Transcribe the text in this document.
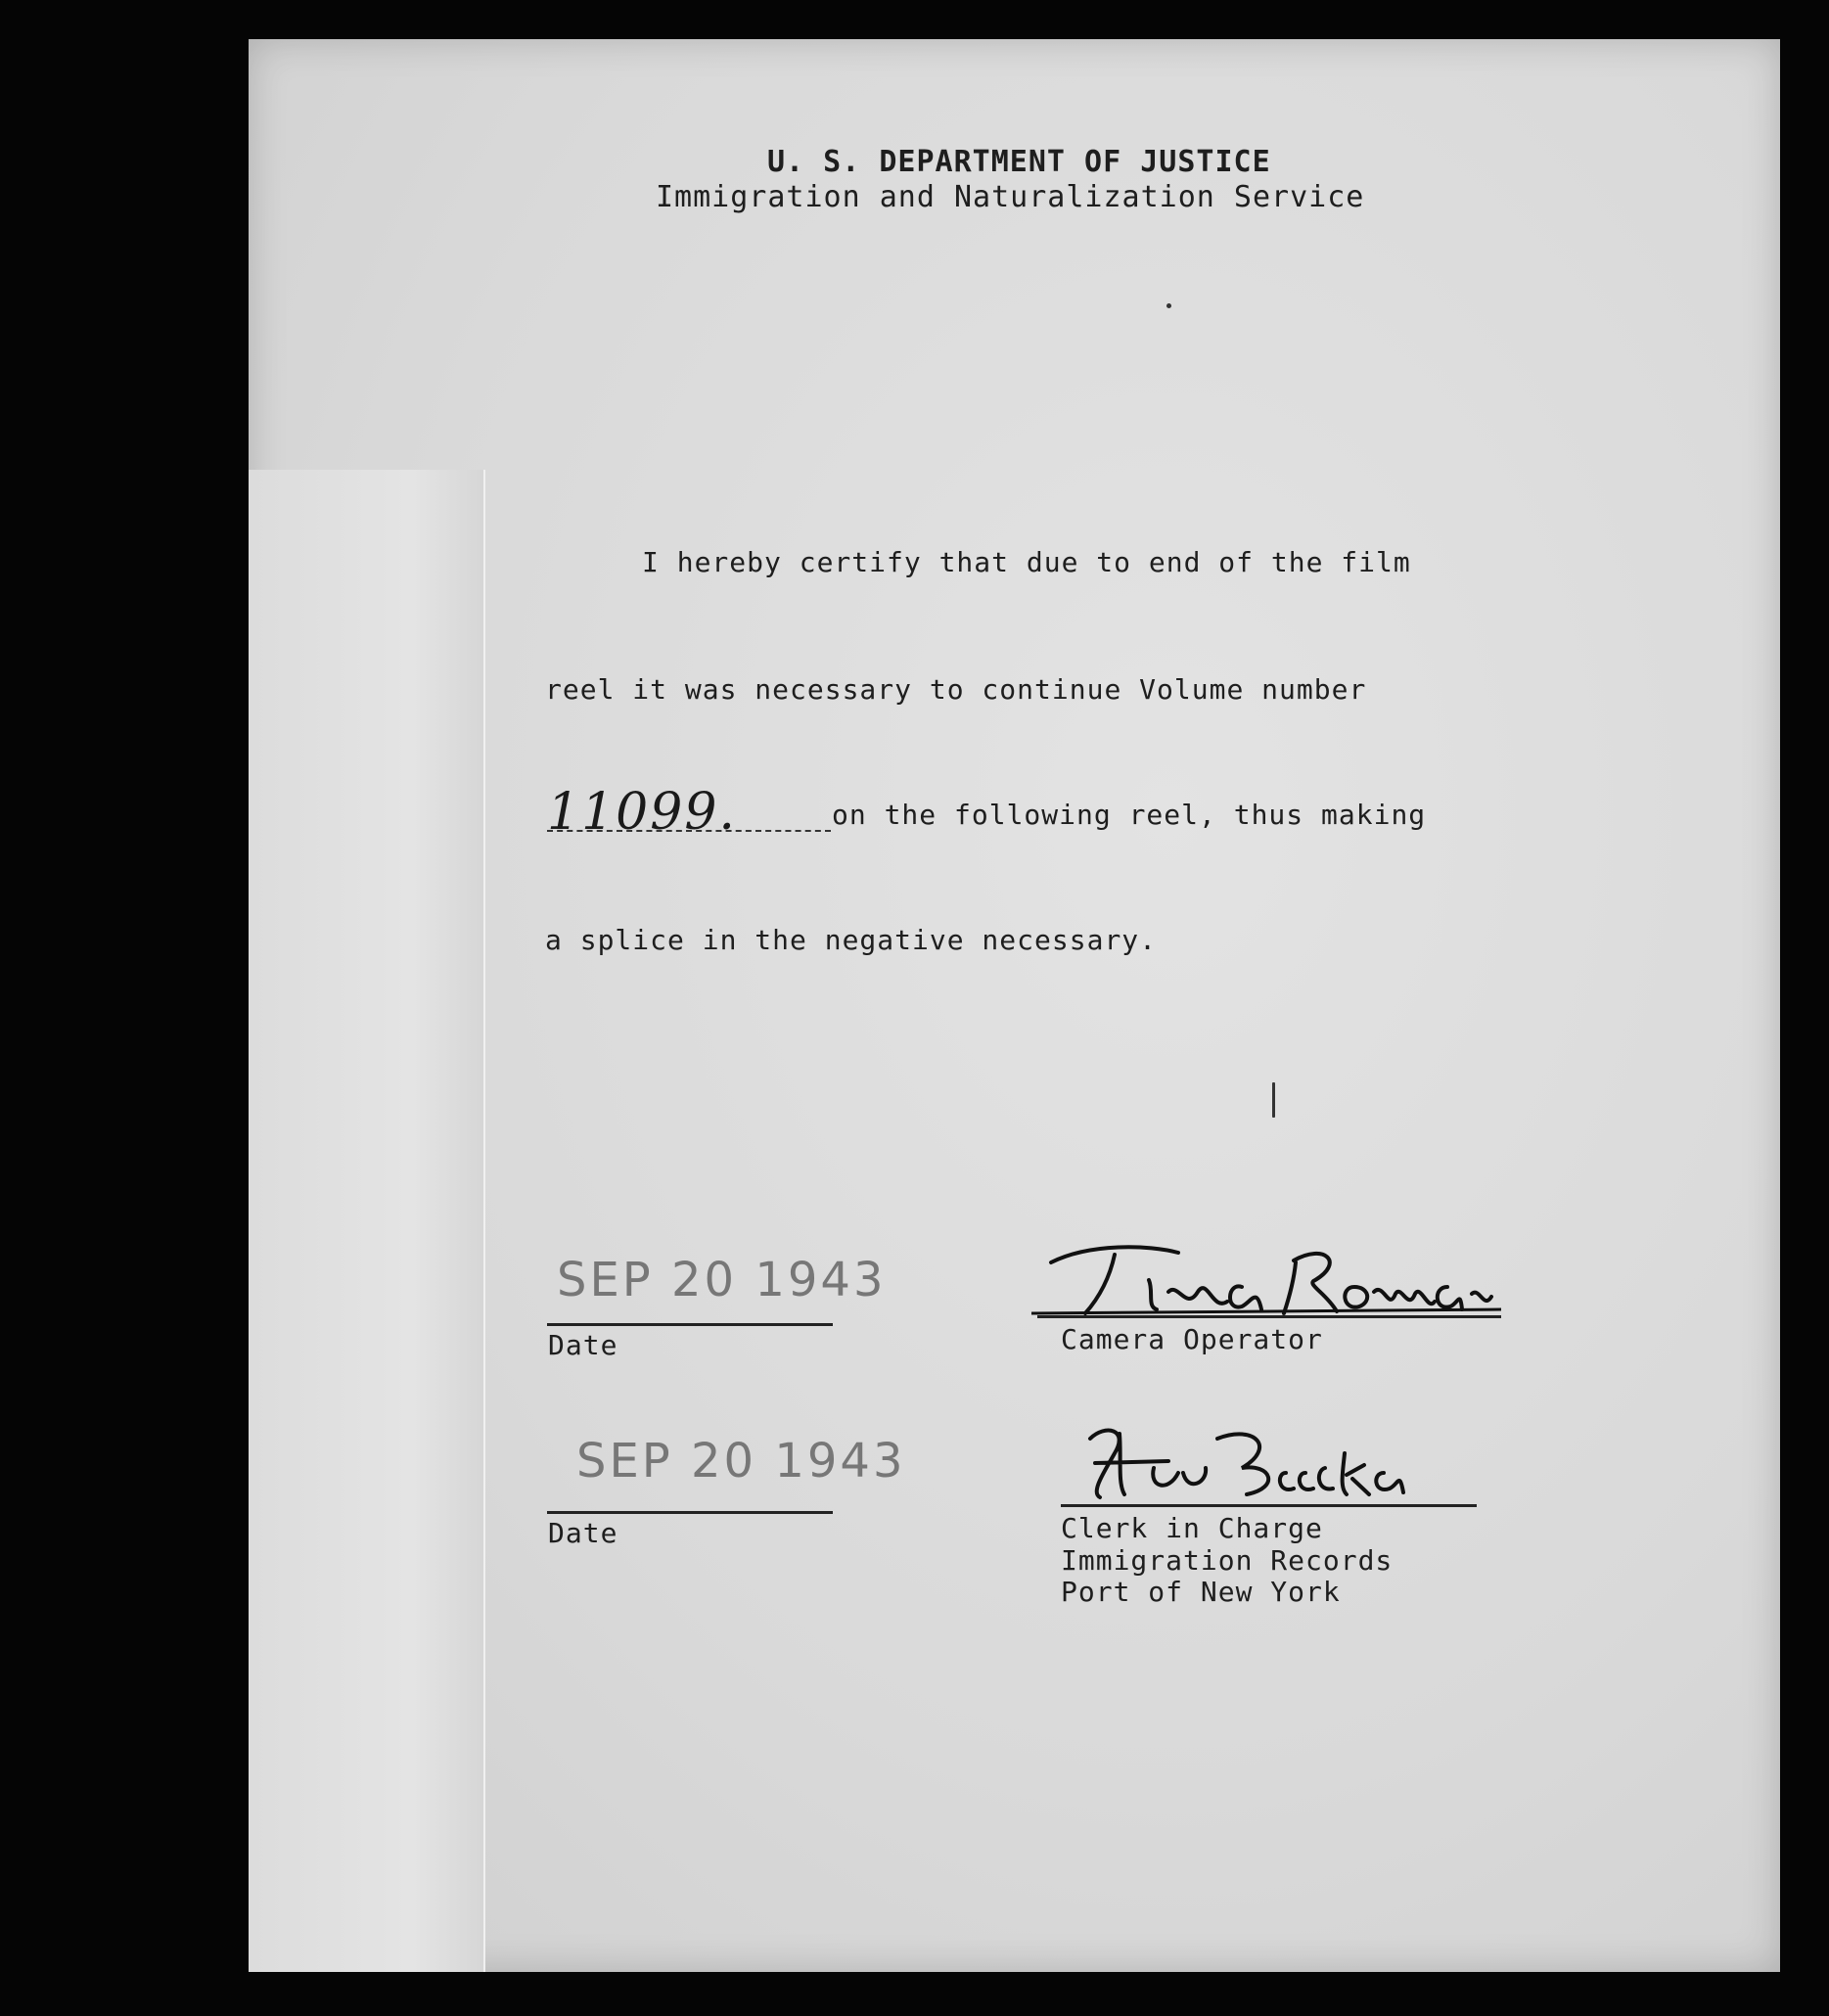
U. S. DEPARTMENT OF JUSTICE
Immigration and Naturalization Service
I hereby certify that due to end of the film
reel it was necessary to continue Volume number
11099.	on the following reel, thus making
a splice in the negative necessary.
SEP 20 1943
Date	Camera Operator
SEP 20 1943
Date	Clerk in Charge
Immigration Records
Port of New York
